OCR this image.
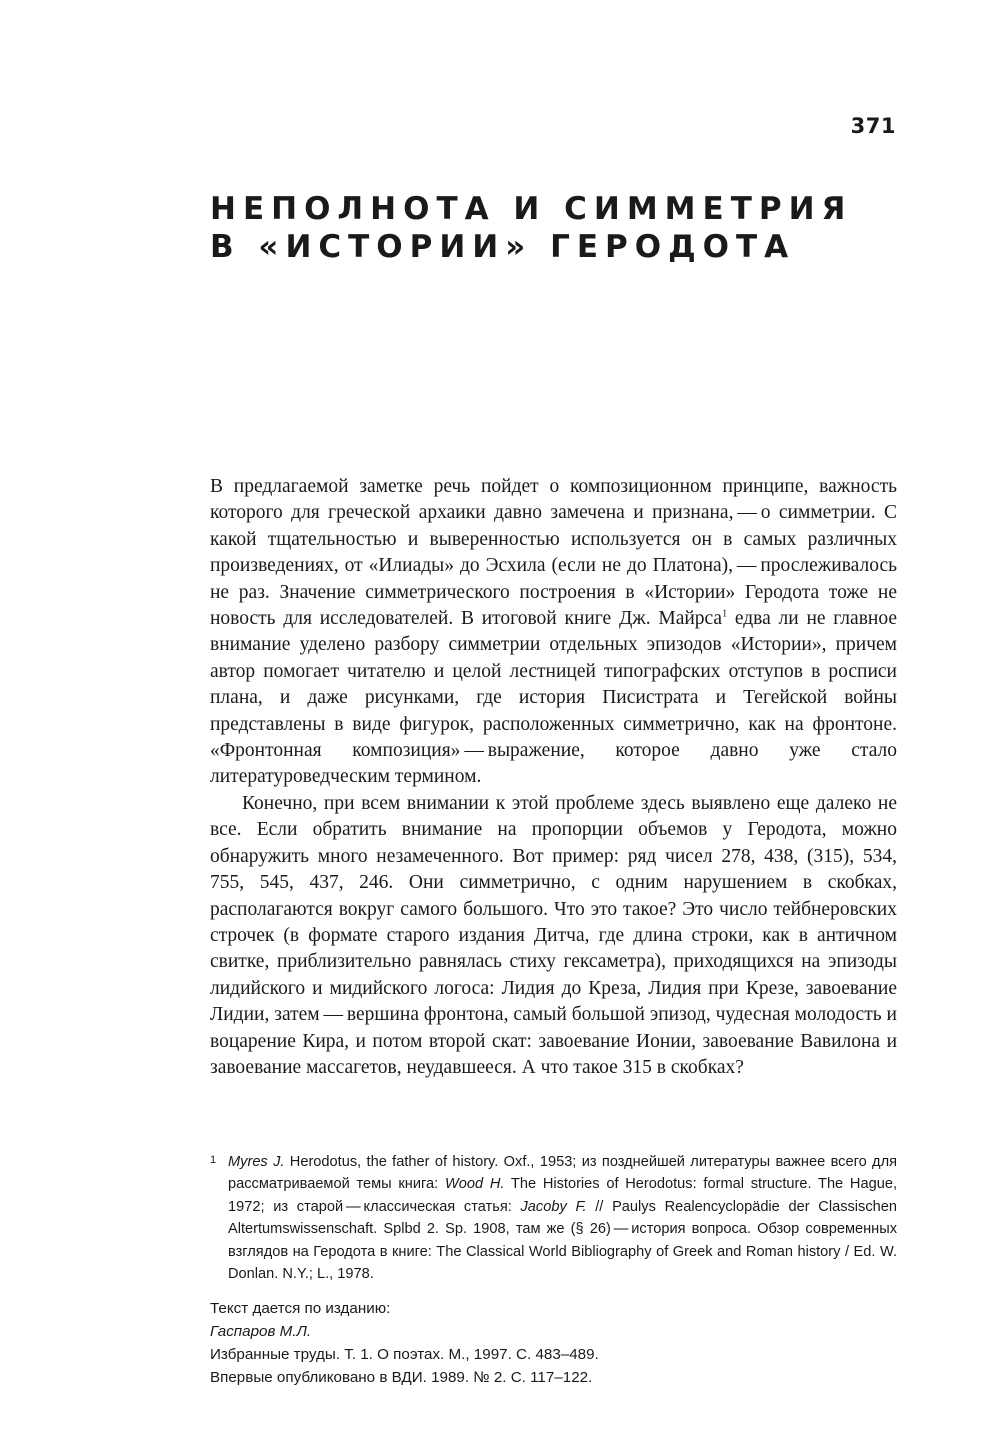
371
НЕПОЛНОТА И СИММЕТРИЯ
В «ИСТОРИИ» ГЕРОДОТА

В предлагаемой заметке речь пойдет о композиционном принципе, важность которого для греческой архаики давно замечена и признана, — о симметрии. С какой тщательностью и выверенностью используется он в самых различных произведениях, от «Илиады» до Эсхила (если не до Платона), — прослеживалось не раз. Значение симметрического построения в «Истории» Геродота тоже не новость для исследователей. В итоговой книге Дж. Майрса$^1$ едва ли не главное внимание уделено разбору симметрии отдельных эпизодов «Истории», причем автор помогает читателю и целой лестницей типографских отступов в росписи плана, и даже рисунками, где история Писистрата и Тегейской войны представлены в виде фигурок, расположенных симметрично, как на фронтоне. «Фронтонная композиция» — выражение, которое давно уже стало литературоведческим термином.

Конечно, при всем внимании к этой проблеме здесь выявлено еще далеко не все. Если обратить внимание на пропорции объемов у Геродота, можно обнаружить много незамеченного. Вот пример: ряд чисел 278, 438, (315), 534, 755, 545, 437, 246. Они симметрично, с одним нарушением в скобках, располагаются вокруг самого большого. Что это такое? Это число тейбнеровских строчек (в формате старого издания Дитча, где длина строки, как в античном свитке, приблизительно равнялась стиху гексаметра), приходящихся на эпизоды лидийского и мидийского логоса: Лидия до Креза, Лидия при Крезе, завоевание Лидии, затем — вершина фронтона, самый большой эпизод, чудесная молодость и воцарение Кира, и потом второй скат: завоевание Ионии, завоевание Вавилона и завоевание массагетов, неудавшееся. А что такое 315 в скобках?

1 Myres J. Herodotus, the father of history. Oxf., 1953; из позднейшей литературы важнее всего для рассматриваемой темы книга: Wood H. The Histories of Herodotus: formal structure. The Hague, 1972; из старой — классическая статья: Jacoby F. // Paulys Realencyclopädie der Classischen Altertumswissenschaft. Splbd 2. Sp. 1908, там же (§ 26) — история вопроса. Обзор современных взглядов на Геродота в книге: The Classical World Bibliography of Greek and Roman history / Ed. W. Donlan. N.Y.; L., 1978.
Текст дается по изданию:
Гаспаров М.Л.
Избранные труды. Т. 1. О поэтах. М., 1997. С. 483–489.
Впервые опубликовано в ВДИ. 1989. № 2. С. 117–122.
